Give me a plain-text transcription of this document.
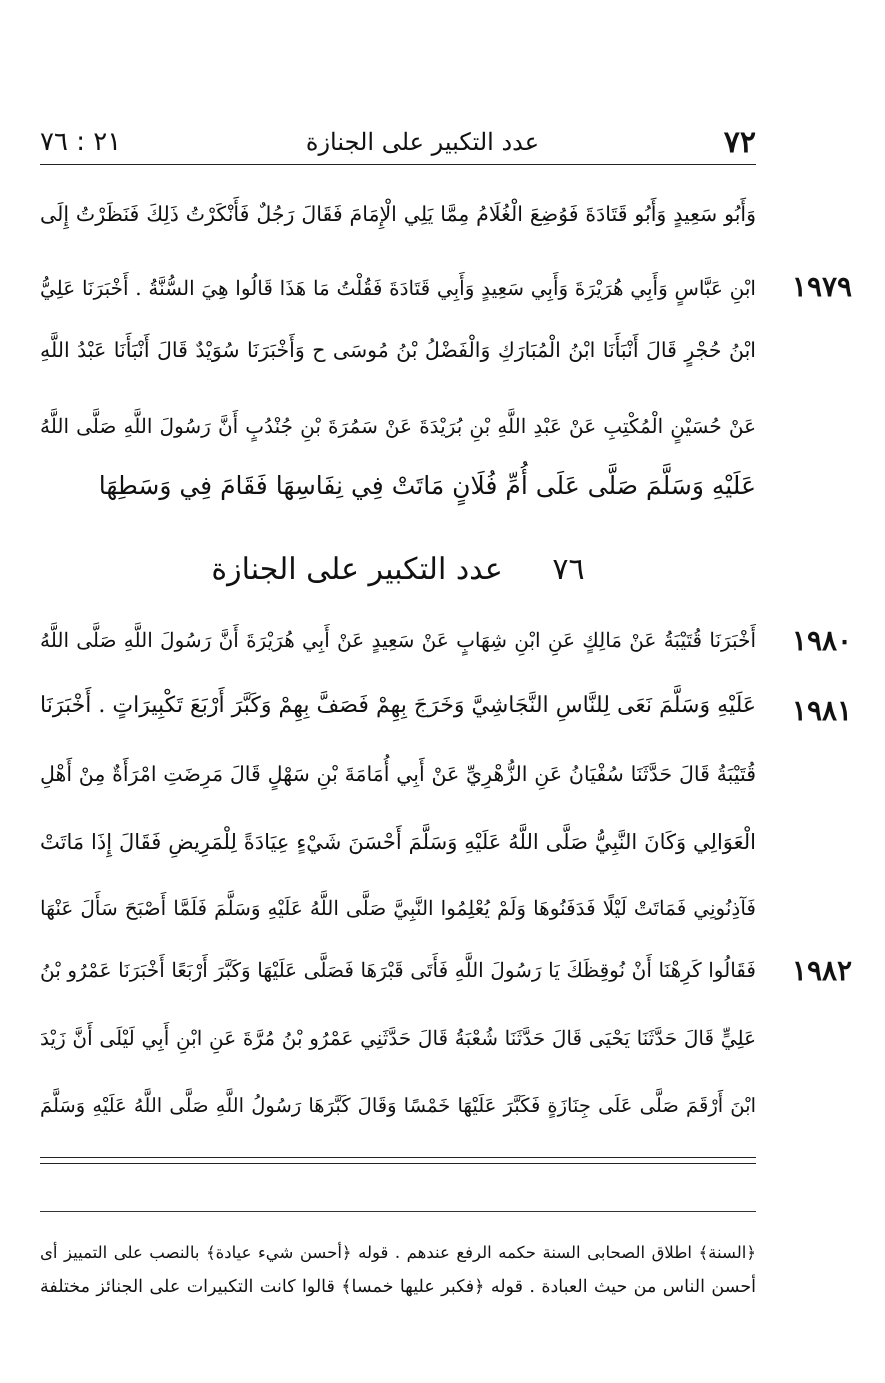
٧٢
عدد التكبير على الجنازة
٢١ : ٧٦
وَأَبُو سَعِيدٍ وَأَبُو قَتَادَةَ فَوُضِعَ الْغُلَامُ مِمَّا يَلِي الْإِمَامَ فَقَالَ رَجُلٌ فَأَنْكَرْتُ ذَلِكَ فَنَظَرْتُ إِلَى
ابْنِ عَبَّاسٍ وَأَبِي هُرَيْرَةَ وَأَبِي سَعِيدٍ وَأَبِي قَتَادَةَ فَقُلْتُ مَا هَذَا قَالُوا هِيَ السُّنَّةُ . أَخْبَرَنَا عَلِيُّ	١٩٧٩
ابْنُ حُجْرٍ قَالَ أَنْبَأَنَا ابْنُ الْمُبَارَكِ وَالْفَضْلُ بْنُ مُوسَى ح وَأَخْبَرَنَا سُوَيْدٌ قَالَ أَنْبَأَنَا عَبْدُ اللَّهِ
عَنْ حُسَيْنٍ الْمُكْتِبِ عَنْ عَبْدِ اللَّهِ بْنِ بُرَيْدَةَ عَنْ سَمُرَةَ بْنِ جُنْدُبٍ أَنَّ رَسُولَ اللَّهِ صَلَّى اللَّهُ
عَلَيْهِ وَسَلَّمَ صَلَّى عَلَى أُمِّ فُلَانٍ مَاتَتْ فِي نِفَاسِهَا فَقَامَ فِي وَسَطِهَا
٧٦ عدد التكبير على الجنازة
أَخْبَرَنَا قُتَيْبَةُ عَنْ مَالِكٍ عَنِ ابْنِ شِهَابٍ عَنْ سَعِيدٍ عَنْ أَبِي هُرَيْرَةَ أَنَّ رَسُولَ اللَّهِ صَلَّى اللَّهُ	١٩٨٠
عَلَيْهِ وَسَلَّمَ نَعَى لِلنَّاسِ النَّجَاشِيَّ وَخَرَجَ بِهِمْ فَصَفَّ بِهِمْ وَكَبَّرَ أَرْبَعَ تَكْبِيرَاتٍ . أَخْبَرَنَا	١٩٨١
قُتَيْبَةُ قَالَ حَدَّثَنَا سُفْيَانُ عَنِ الزُّهْرِيِّ عَنْ أَبِي أُمَامَةَ بْنِ سَهْلٍ قَالَ مَرِضَتِ امْرَأَةٌ مِنْ أَهْلِ
الْعَوَالِي وَكَانَ النَّبِيُّ صَلَّى اللَّهُ عَلَيْهِ وَسَلَّمَ أَحْسَنَ شَيْءٍ عِيَادَةً لِلْمَرِيضِ فَقَالَ إِذَا مَاتَتْ
فَآذِنُونِي فَمَاتَتْ لَيْلًا فَدَفَنُوهَا وَلَمْ يُعْلِمُوا النَّبِيَّ صَلَّى اللَّهُ عَلَيْهِ وَسَلَّمَ فَلَمَّا أَصْبَحَ سَأَلَ عَنْهَا
فَقَالُوا كَرِهْنَا أَنْ نُوقِظَكَ يَا رَسُولَ اللَّهِ فَأَتَى قَبْرَهَا فَصَلَّى عَلَيْهَا وَكَبَّرَ أَرْبَعًا أَخْبَرَنَا عَمْرُو بْنُ	١٩٨٢
عَلِيٍّ قَالَ حَدَّثَنَا يَحْيَى قَالَ حَدَّثَنَا شُعْبَةُ قَالَ حَدَّثَنِي عَمْرُو بْنُ مُرَّةَ عَنِ ابْنِ أَبِي لَيْلَى أَنَّ زَيْدَ
ابْنَ أَرْقَمَ صَلَّى عَلَى جِنَازَةٍ فَكَبَّرَ عَلَيْهَا خَمْسًا وَقَالَ كَبَّرَهَا رَسُولُ اللَّهِ صَلَّى اللَّهُ عَلَيْهِ وَسَلَّمَ
﴿السنة﴾ اطلاق الصحابى السنة حكمه الرفع عندهم . قوله ﴿أحسن شيء عيادة﴾ بالنصب على التمييز أى
أحسن الناس من حيث العبادة . قوله ﴿فكبر عليها خمسا﴾ قالوا كانت التكبيرات على الجنائز مختلفة
